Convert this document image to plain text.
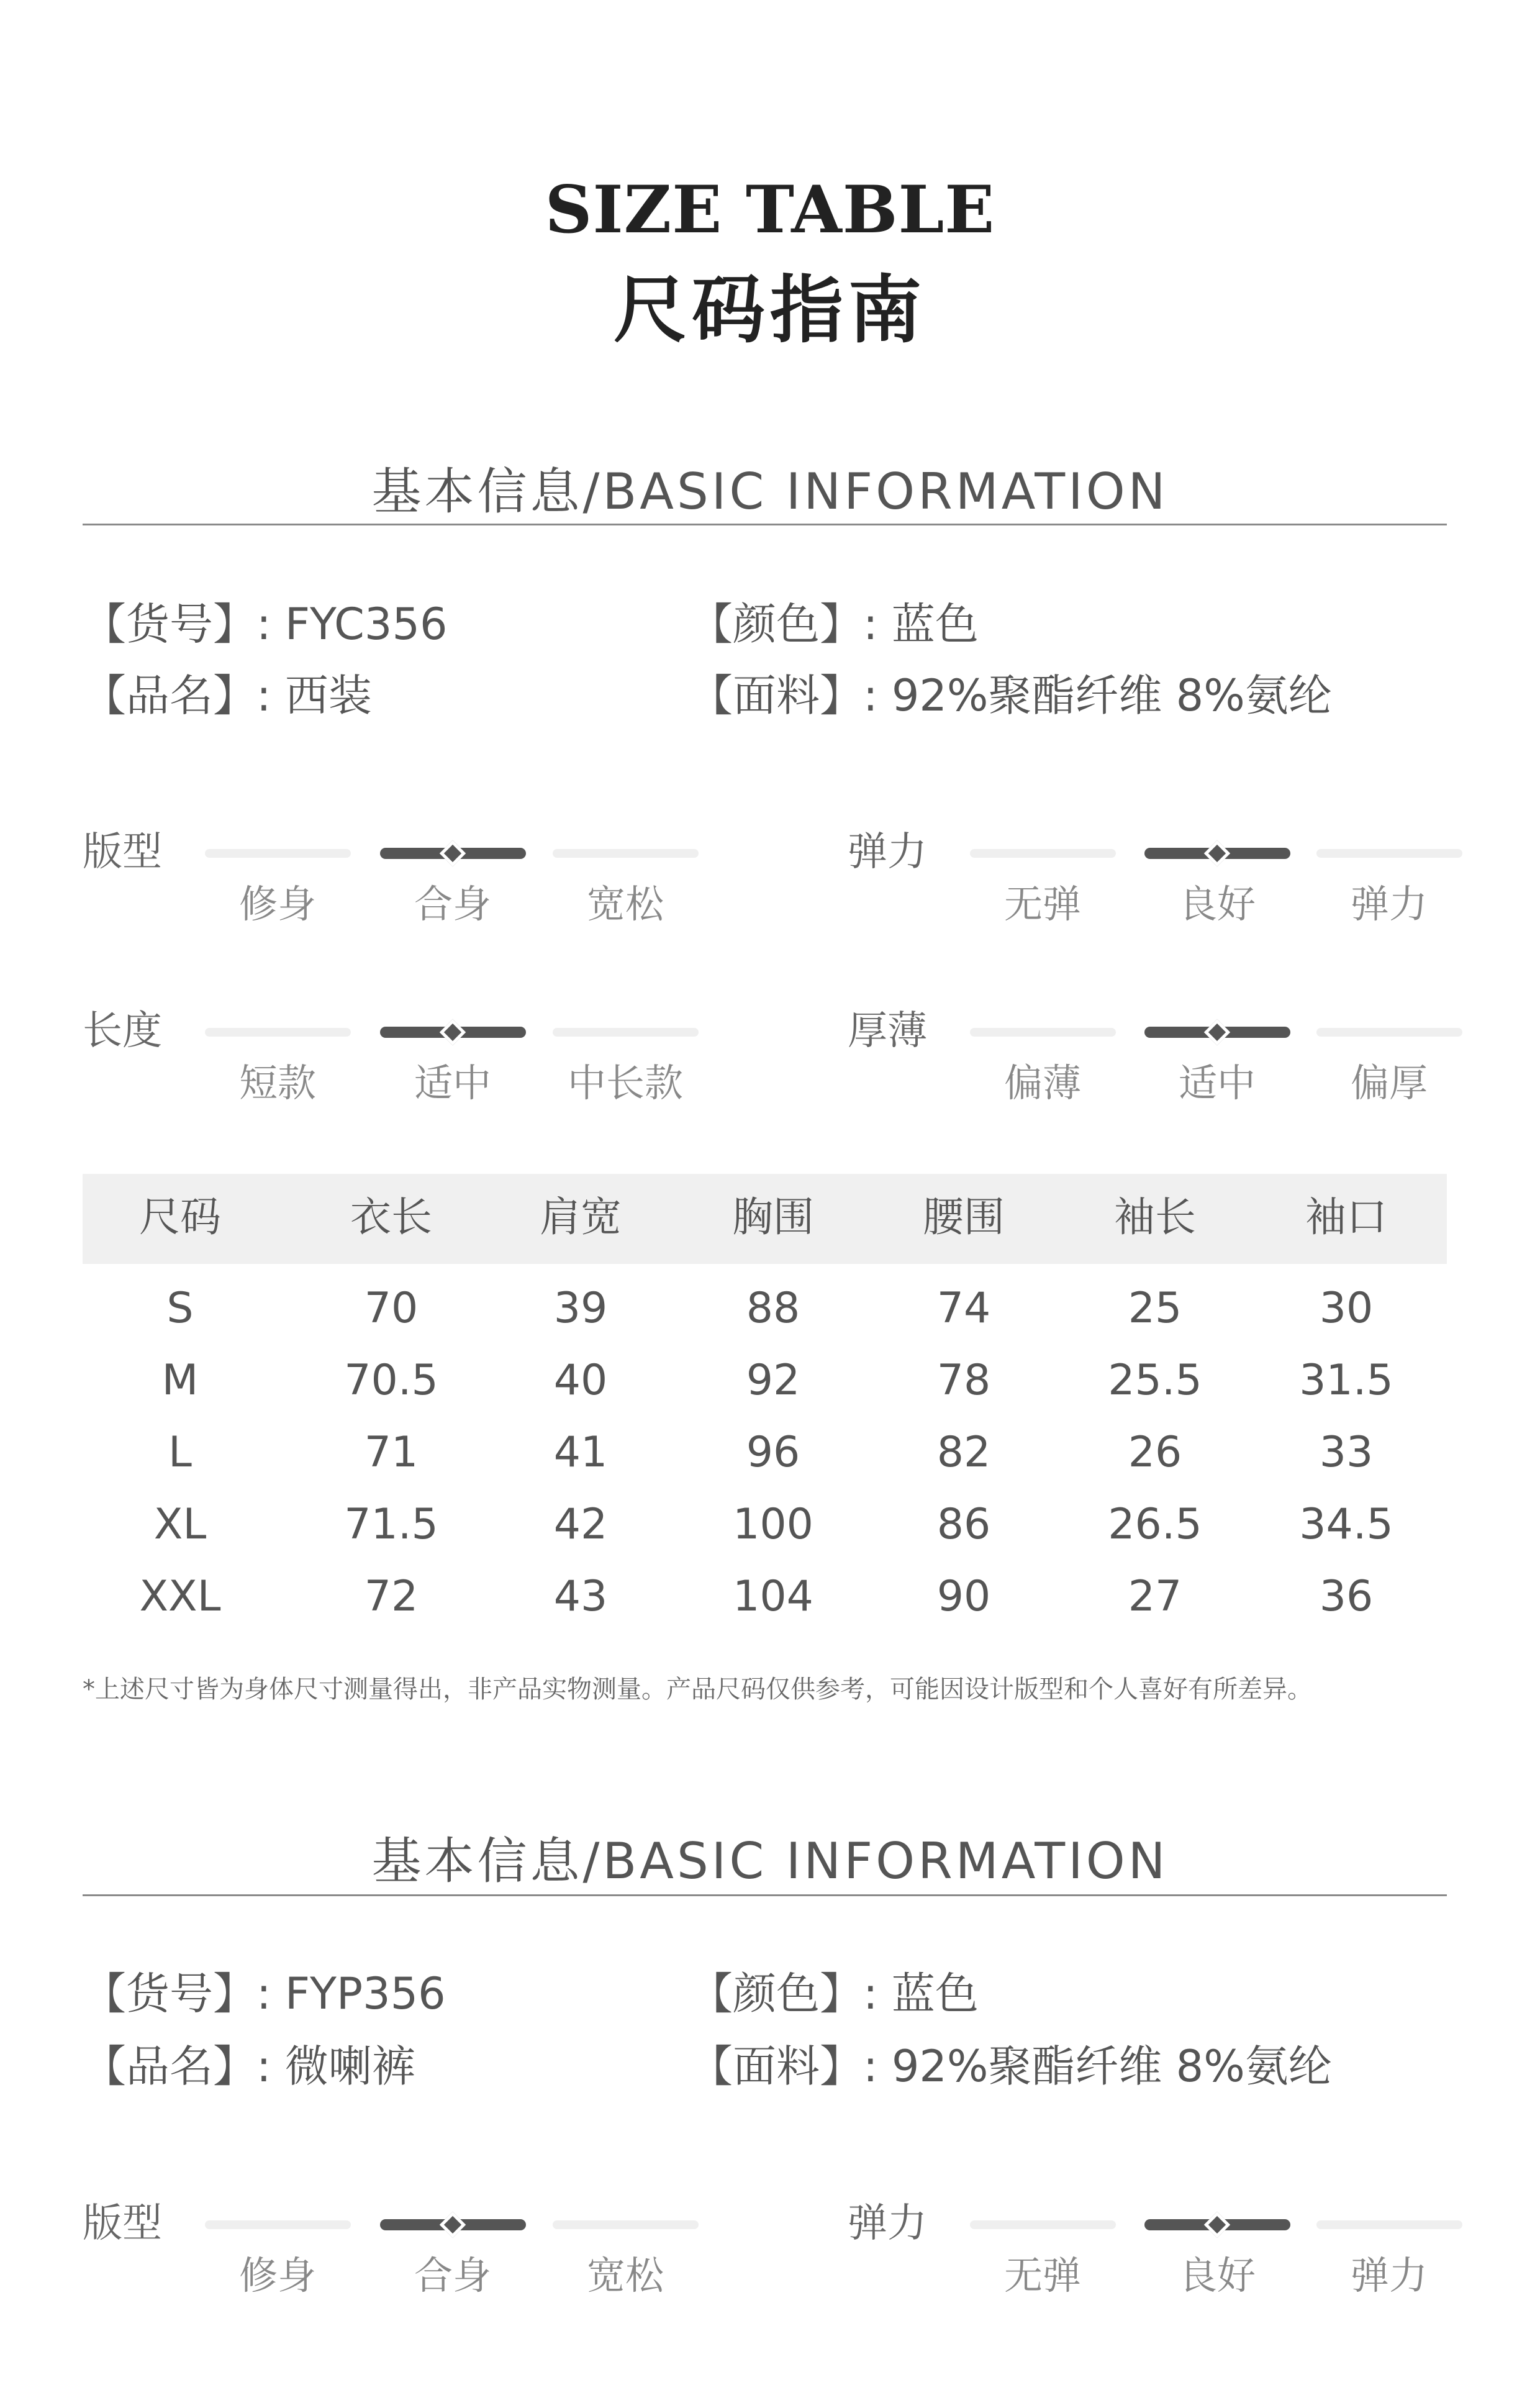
SIZE TABLE
尺码指南
基本信息/BASIC INFORMATION
【货号】: FYC356
【品名】: 西装
【颜色】: 蓝色
【面料】: 92%聚酯纤维 8%氨纶
版型
修身	合身	宽松
弹力
无弹	良好	弹力
长度
短款	适中	中长款
厚薄
偏薄	适中	偏厚
尺码	衣长	肩宽	胸围	腰围	袖长	袖口
S	70	39	88	74	25	30
M	70.5	40	92	78	25.5	31.5
L	71	41	96	82	26	33
XL	71.5	42	100	86	26.5	34.5
XXL	72	43	104	90	27	36
*上述尺寸皆为身体尺寸测量得出，非产品实物测量。产品尺码仅供参考，可能因设计版型和个人喜好有所差异。
基本信息/BASIC INFORMATION
【货号】: FYP356
【品名】: 微喇裤
【颜色】: 蓝色
【面料】: 92%聚酯纤维 8%氨纶
版型
修身	合身	宽松
弹力
无弹	良好	弹力
